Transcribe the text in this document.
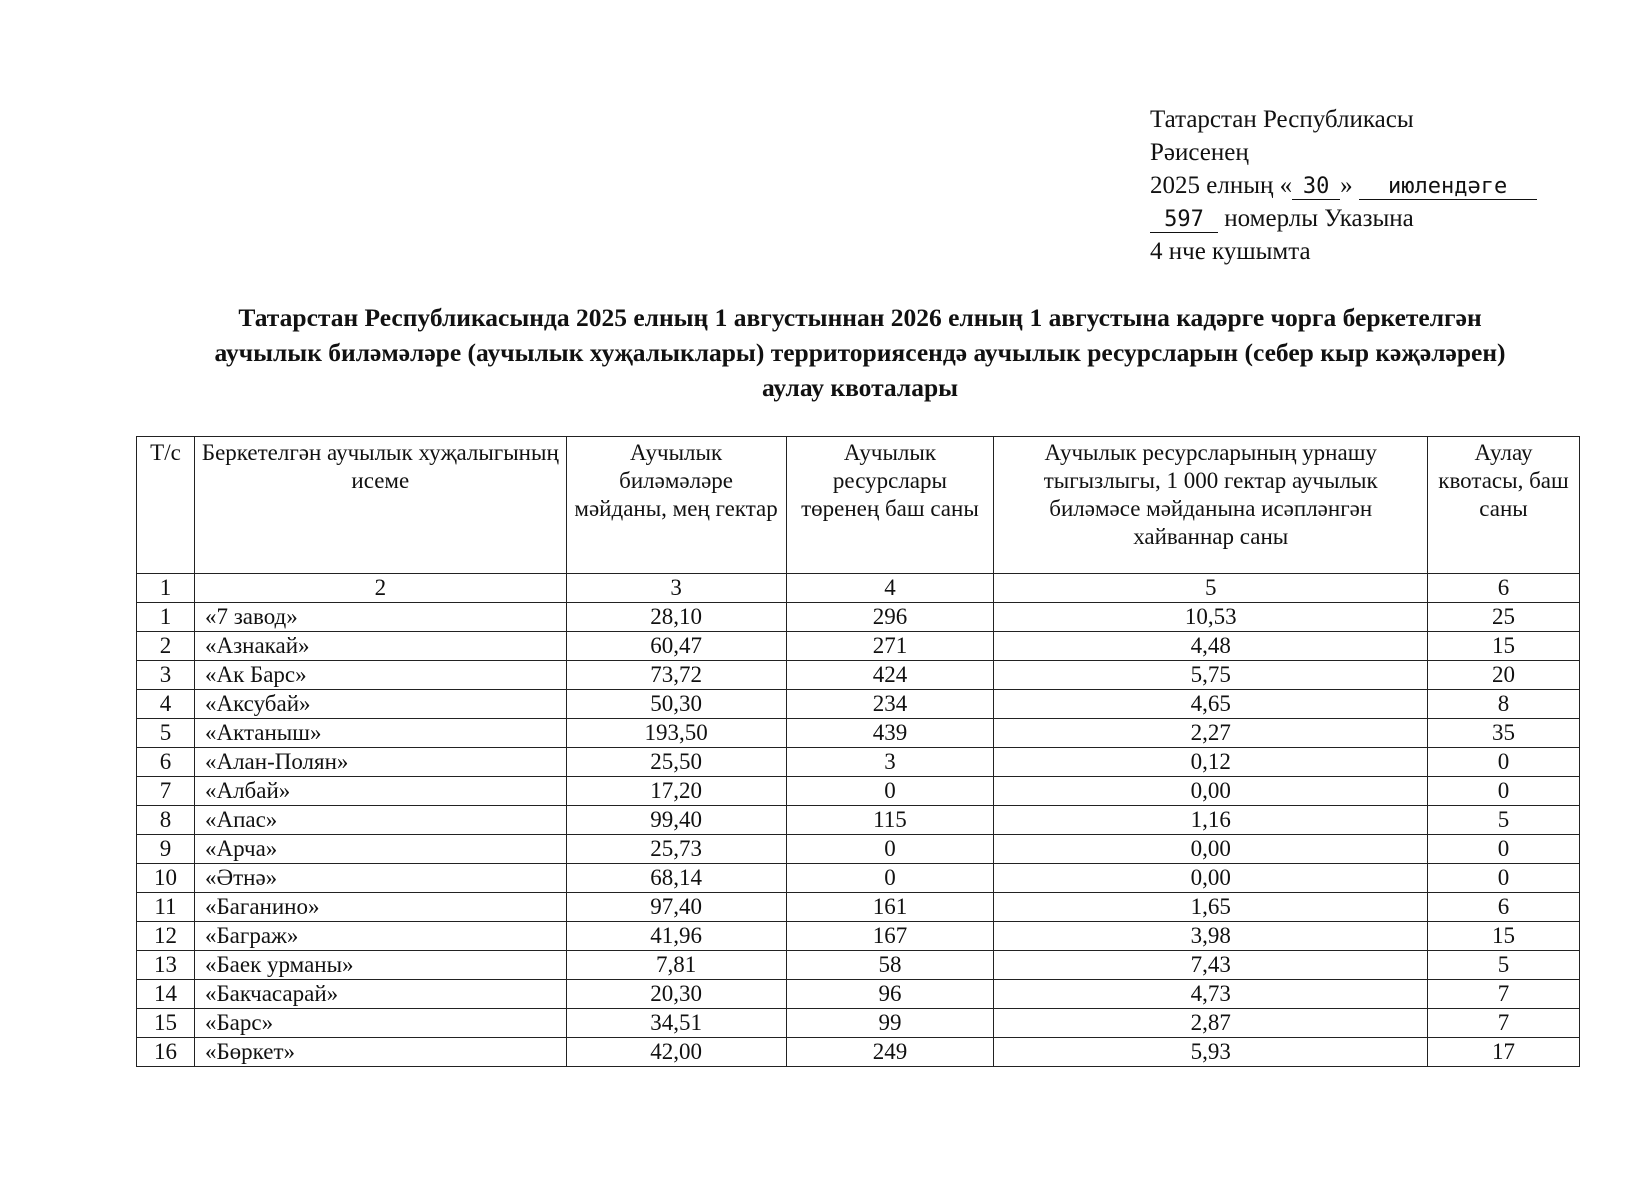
Татарстан Республикасы
Рәисенең
2025 елның « 30 » июлендәге
597 номерлы Указына
4 нче кушымта
Татарстан Республикасында 2025 елның 1 августыннан 2026 елның 1 августына кадәрге чорга беркетелгән
аучылык биләмәләре (аучылык хуҗалыклары) территориясендә аучылык ресурсларын (себер кыр кәҗәләрен)
аулау квоталары
Т/с	Беркетелгән аучылык хуҗалыгының исеме	Аучылык биләмәләре мәйданы, мең гектар	Аучылык ресурслары төренең баш саны	Аучылык ресурсларының урнашу тыгызлыгы, 1 000 гектар аучылык биләмәсе мәйданына исәпләнгән хайваннар саны	Аулау квотасы, баш саны
1	2	3	4	5	6
1	«7 завод»	28,10	296	10,53	25
2	«Азнакай»	60,47	271	4,48	15
3	«Ак Барс»	73,72	424	5,75	20
4	«Аксубай»	50,30	234	4,65	8
5	«Актаныш»	193,50	439	2,27	35
6	«Алан-Полян»	25,50	3	0,12	0
7	«Албай»	17,20	0	0,00	0
8	«Апас»	99,40	115	1,16	5
9	«Арча»	25,73	0	0,00	0
10	«Әтнә»	68,14	0	0,00	0
11	«Баганино»	97,40	161	1,65	6
12	«Баграж»	41,96	167	3,98	15
13	«Баек урманы»	7,81	58	7,43	5
14	«Бакчасарай»	20,30	96	4,73	7
15	«Барс»	34,51	99	2,87	7
16	«Бөркет»	42,00	249	5,93	17
